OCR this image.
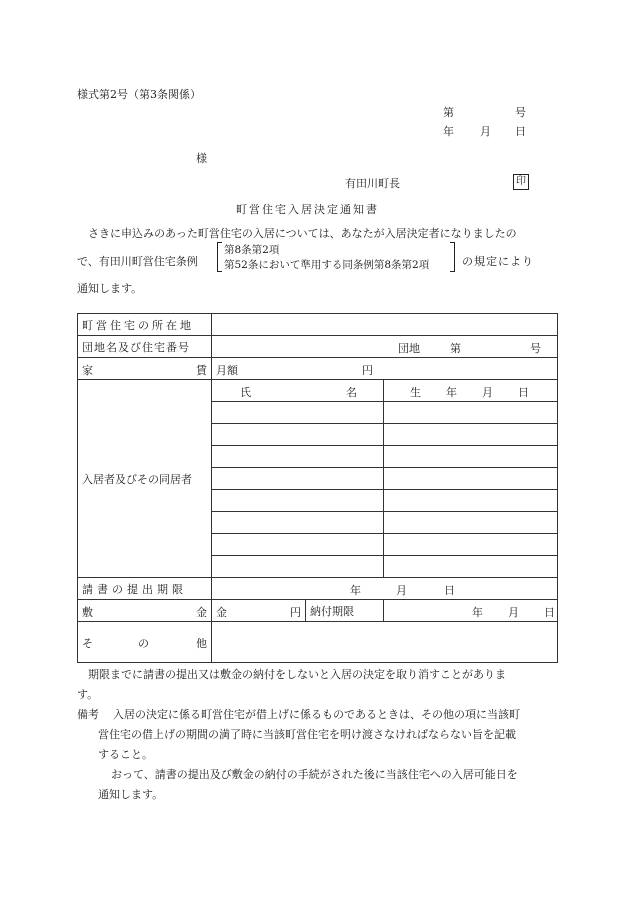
様式第2号（第3条関係）
第	号
年 月 日
様
有田川町長	印
町営住宅入居決定通知書
さきに申込みのあった町営住宅の入居については、あなたが入居決定者になりましたの
で、有田川町営住宅条例
第8条第2項
第52条において準用する同条例第8条第2項	の規定により
通知します。
町営住宅の所在地			

団地名及び住宅番号	団地 第 号		

家 賃	月額 円		

入居者及びその同居者	氏 名		生 年 月 日

請書の提出期限	年 月 日		

敷 金	金 円	納付期限	年 月 日

そ の 他			

期限までに請書の提出又は敷金の納付をしないと入居の決定を取り消すことがありま
す。
備考 入居の決定に係る町営住宅が借上げに係るものであるときは、その他の項に当該町
営住宅の借上げの期間の満了時に当該町営住宅を明け渡さなければならない旨を記載
すること。
おって、請書の提出及び敷金の納付の手続がされた後に当該住宅への入居可能日を
通知します。
